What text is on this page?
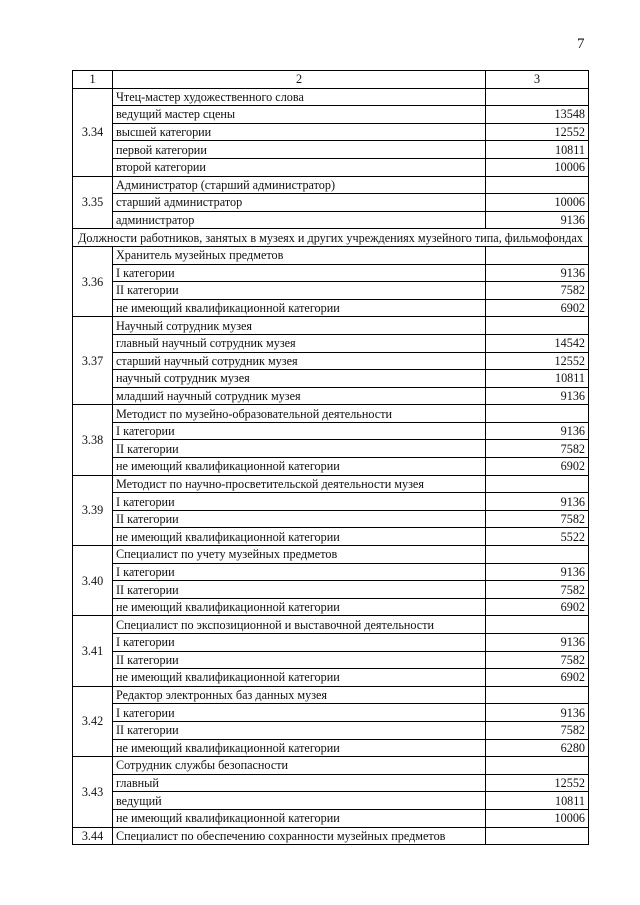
7
1	2	3
3.34	Чтец-мастер художественного слова	
	ведущий мастер сцены	13548
	высшей категории	12552
	первой категории	10811
	второй категории	10006
3.35	Администратор (старший администратор)	
	старший администратор	10006
	администратор	9136
Должности работников, занятых в музеях и других учреждениях музейного типа, фильмофондах		
3.36	Хранитель музейных предметов	
	I категории	9136
	II категории	7582
	не имеющий квалификационной категории	6902
3.37	Научный сотрудник музея	
	главный научный сотрудник музея	14542
	старший научный сотрудник музея	12552
	научный сотрудник музея	10811
	младший научный сотрудник музея	9136
3.38	Методист по музейно-образовательной деятельности	
	I категории	9136
	II категории	7582
	не имеющий квалификационной категории	6902
3.39	Методист по научно-просветительской деятельности музея	
	I категории	9136
	II категории	7582
	не имеющий квалификационной категории	5522
3.40	Специалист по учету музейных предметов	
	I категории	9136
	II категории	7582
	не имеющий квалификационной категории	6902
3.41	Специалист по экспозиционной и выставочной деятельности	
	I категории	9136
	II категории	7582
	не имеющий квалификационной категории	6902
3.42	Редактор электронных баз данных музея	
	I категории	9136
	II категории	7582
	не имеющий квалификационной категории	6280
3.43	Сотрудник службы безопасности	
	главный	12552
	ведущий	10811
	не имеющий квалификационной категории	10006
3.44	Специалист по обеспечению сохранности музейных предметов	
